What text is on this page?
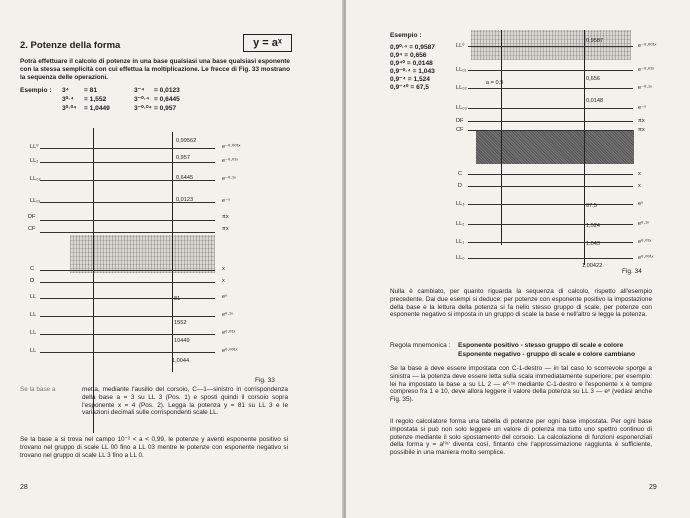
2. Potenze della forma	y = aˣ
Potrà effettuare il calcolo di potenze in una base qualsiasi una base qualsiasi esponente con la stessa semplicità con cui effettua la moltiplicazione. Le frecce di Fig. 33 mostrano la sequenza delle operazioni.
Esempio : 3⁴ = 81	3⁻⁴ = 0,0123
3⁰·⁴ = 1,552	3⁻⁰·⁴ = 0,6445
3⁰·⁰⁴ = 1,0449	3⁻⁰·⁰⁴ = 0,957
LL⁰
LL₂
LL₀₂
LL₀₁
DF
CF
C
D
LL
LL
LL
LL
e⁻⁰·⁰⁰¹ˣ
e⁻⁰·⁰¹ˣ
e⁻⁰·¹ˣ
e⁻ˣ
πx
πx
x
x
eˣ
e⁰·¹ˣ
e⁰·⁰¹ˣ
e⁰·⁰⁰¹ˣ
0,99562
0,957
0,6445
0,0123
81
1552
10449
1,0044
Fig. 33
Se la base a	metta, mediante l'ausilio del corsoio, C—1—sinistro in corrispondenza della base a = 3 su LL 3 (Pos. 1) e sposti quindi il corsoio sopra l'esponente x = 4 (Pos. 2). Legga la potenza y = 81 su LL 3 e le variazioni decimali sulle corrispondenti scale LL.
Se la base a si trova nel campo 10⁻² < a < 0,99, le potenze y aventi esponente positivo si trovano nel gruppo di scale LL 00 fino a LL 03 mentre le potenze con esponente negativo si trovano nel gruppo di scale LL 3 fino a LL 0.
28
Esempio :
0,9⁰·⁴ = 0,9587
0,9⁴ = 0,656
0,9⁴⁰ = 0,0148
0,9⁻⁰·⁴ = 1,043
0,9⁻⁴ = 1,524
0,9⁻⁴⁰ = 67,5
LL⁰
LL₀₁
LL₀₂
LL₀₃
DF
CF
C
D
LL₃
LL₂
LL₁
LL₀
e⁻⁰·⁰⁰¹ˣ
e⁻⁰·⁰¹ˣ
e⁻⁰·¹ˣ
e⁻ˣ
πx
πx
x
x
eˣ
e⁰·¹ˣ
e⁰·⁰¹ˣ
e⁰·⁰⁰¹ˣ
0,9587
0,656
0,0148
67,5
1,524
1,043
1,00422
a = 0,9
Fig. 34
Nulla è cambiato, per quanto riguarda la sequenza di calcolo, rispetto all'esempio precedente. Dai due esempi si deduce: per potenze con esponente positivo la impostazione della base e la lettura della potenza si fa nello stesso gruppo di scale, per potenze con esponente negativo si imposta in un gruppo di scale la base e nell'altro si legge la potenza.
Regola mnemonica : Esponente positivo - stesso gruppo di scale e colore
Esponente negativo - gruppo di scale e colore cambiano
Se la base a deve essere impostata con C-1-destro — in tal caso lo scorrevole sporge a sinistra — la potenza deve essere letta sulla scala immediatamente superiore; per esempio: lei ha impostato la base a su LL 2 — e⁰·¹ˣ mediante C-1-destro e l'esponente x è tempre compreso fra 1 e 10, deve allora leggere il valore della potenza su LL 3 — eˣ (vedasi anche Fig. 35).
Il regolo calcolatore forma una tabella di potenze per ogni base impostata. Per ogni base impostata si può non solo leggere un valore di potenza ma tutto uno spettro continuo di potenze mediante il solo spostamento del corsoio. La calcolazione di funzioni esponenziali della forma y = aᶠ⁽ˣ⁾ diventa così, fintanto che l'approssimazione raggiunta è sufficiente, possibile in una maniera molto semplice.
29
